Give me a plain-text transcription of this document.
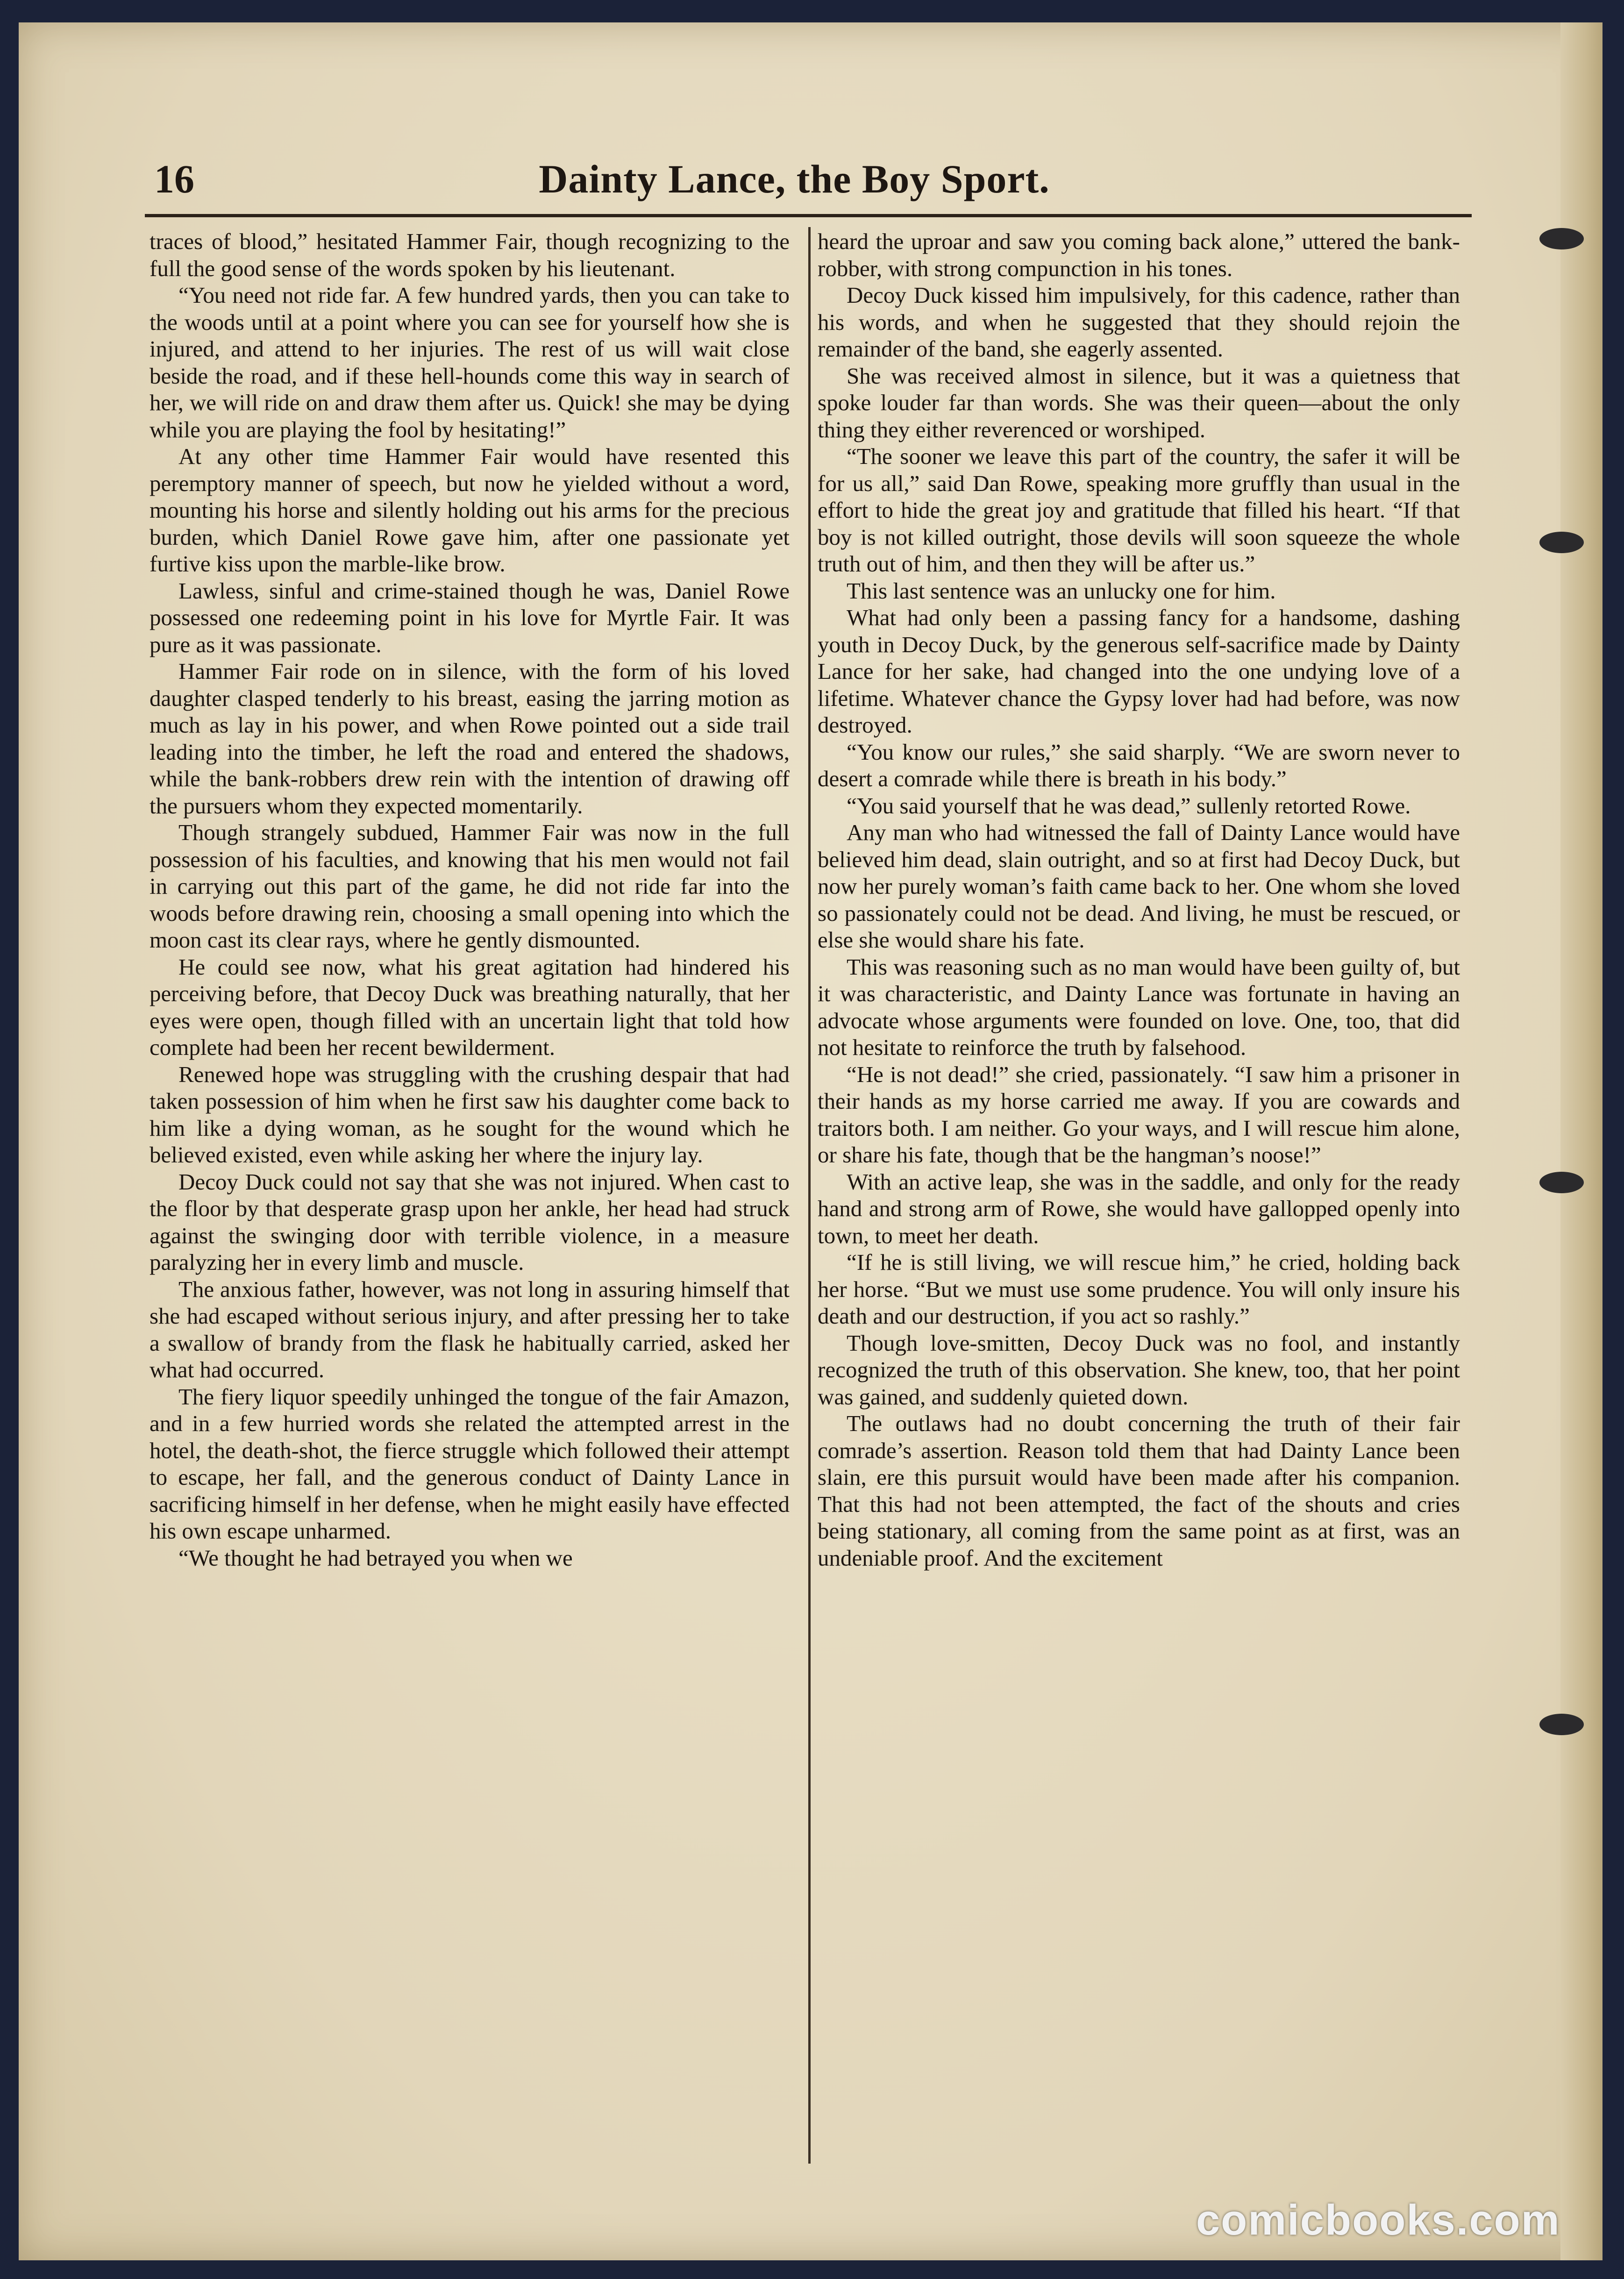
16	Dainty Lance, the Boy Sport.

traces of blood,” hesitated Hammer Fair, though recognizing to the full the good sense of the words spoken by his lieutenant.

“You need not ride far. A few hundred yards, then you can take to the woods until at a point where you can see for yourself how she is injured, and attend to her injuries. The rest of us will wait close beside the road, and if these hell-hounds come this way in search of her, we will ride on and draw them after us. Quick! she may be dying while you are playing the fool by hesitating!”

At any other time Hammer Fair would have resented this peremptory manner of speech, but now he yielded without a word, mounting his horse and silently holding out his arms for the precious burden, which Daniel Rowe gave him, after one passionate yet furtive kiss upon the marble-like brow.

Lawless, sinful and crime-stained though he was, Daniel Rowe possessed one redeeming point in his love for Myrtle Fair. It was pure as it was passionate.

Hammer Fair rode on in silence, with the form of his loved daughter clasped tenderly to his breast, easing the jarring motion as much as lay in his power, and when Rowe pointed out a side trail leading into the timber, he left the road and entered the shadows, while the bank-robbers drew rein with the intention of drawing off the pursuers whom they expected momentarily.

Though strangely subdued, Hammer Fair was now in the full possession of his faculties, and knowing that his men would not fail in carrying out this part of the game, he did not ride far into the woods before drawing rein, choosing a small opening into which the moon cast its clear rays, where he gently dismounted.

He could see now, what his great agitation had hindered his perceiving before, that Decoy Duck was breathing naturally, that her eyes were open, though filled with an uncertain light that told how complete had been her recent bewilderment.

Renewed hope was struggling with the crushing despair that had taken possession of him when he first saw his daughter come back to him like a dying woman, as he sought for the wound which he believed existed, even while asking her where the injury lay.

Decoy Duck could not say that she was not injured. When cast to the floor by that desperate grasp upon her ankle, her head had struck against the swinging door with terrible violence, in a measure paralyzing her in every limb and muscle.

The anxious father, however, was not long in assuring himself that she had escaped without serious injury, and after pressing her to take a swallow of brandy from the flask he habitually carried, asked her what had occurred.

The fiery liquor speedily unhinged the tongue of the fair Amazon, and in a few hurried words she related the attempted arrest in the hotel, the death-shot, the fierce struggle which followed their attempt to escape, her fall, and the generous conduct of Dainty Lance in sacrificing himself in her defense, when he might easily have effected his own escape unharmed.

“We thought he had betrayed you when we

heard the uproar and saw you coming back alone,” uttered the bank-robber, with strong compunction in his tones.

Decoy Duck kissed him impulsively, for this cadence, rather than his words, and when he suggested that they should rejoin the remainder of the band, she eagerly assented.

She was received almost in silence, but it was a quietness that spoke louder far than words. She was their queen—about the only thing they either reverenced or worshiped.

“The sooner we leave this part of the country, the safer it will be for us all,” said Dan Rowe, speaking more gruffly than usual in the effort to hide the great joy and gratitude that filled his heart. “If that boy is not killed outright, those devils will soon squeeze the whole truth out of him, and then they will be after us.”

This last sentence was an unlucky one for him.

What had only been a passing fancy for a handsome, dashing youth in Decoy Duck, by the generous self-sacrifice made by Dainty Lance for her sake, had changed into the one undying love of a lifetime. Whatever chance the Gypsy lover had had before, was now destroyed.

“You know our rules,” she said sharply. “We are sworn never to desert a comrade while there is breath in his body.”

“You said yourself that he was dead,” sullenly retorted Rowe.

Any man who had witnessed the fall of Dainty Lance would have believed him dead, slain outright, and so at first had Decoy Duck, but now her purely woman’s faith came back to her. One whom she loved so passionately could not be dead. And living, he must be rescued, or else she would share his fate.

This was reasoning such as no man would have been guilty of, but it was characteristic, and Dainty Lance was fortunate in having an advocate whose arguments were founded on love. One, too, that did not hesitate to reinforce the truth by falsehood.

“He is not dead!” she cried, passionately. “I saw him a prisoner in their hands as my horse carried me away. If you are cowards and traitors both. I am neither. Go your ways, and I will rescue him alone, or share his fate, though that be the hangman’s noose!”

With an active leap, she was in the saddle, and only for the ready hand and strong arm of Rowe, she would have gallopped openly into town, to meet her death.

“If he is still living, we will rescue him,” he cried, holding back her horse. “But we must use some prudence. You will only insure his death and our destruction, if you act so rashly.”

Though love-smitten, Decoy Duck was no fool, and instantly recognized the truth of this observation. She knew, too, that her point was gained, and suddenly quieted down.

The outlaws had no doubt concerning the truth of their fair comrade’s assertion. Reason told them that had Dainty Lance been slain, ere this pursuit would have been made after his companion. That this had not been attempted, the fact of the shouts and cries being stationary, all coming from the same point as at first, was an undeniable proof. And the excitement

comicbooks.com
